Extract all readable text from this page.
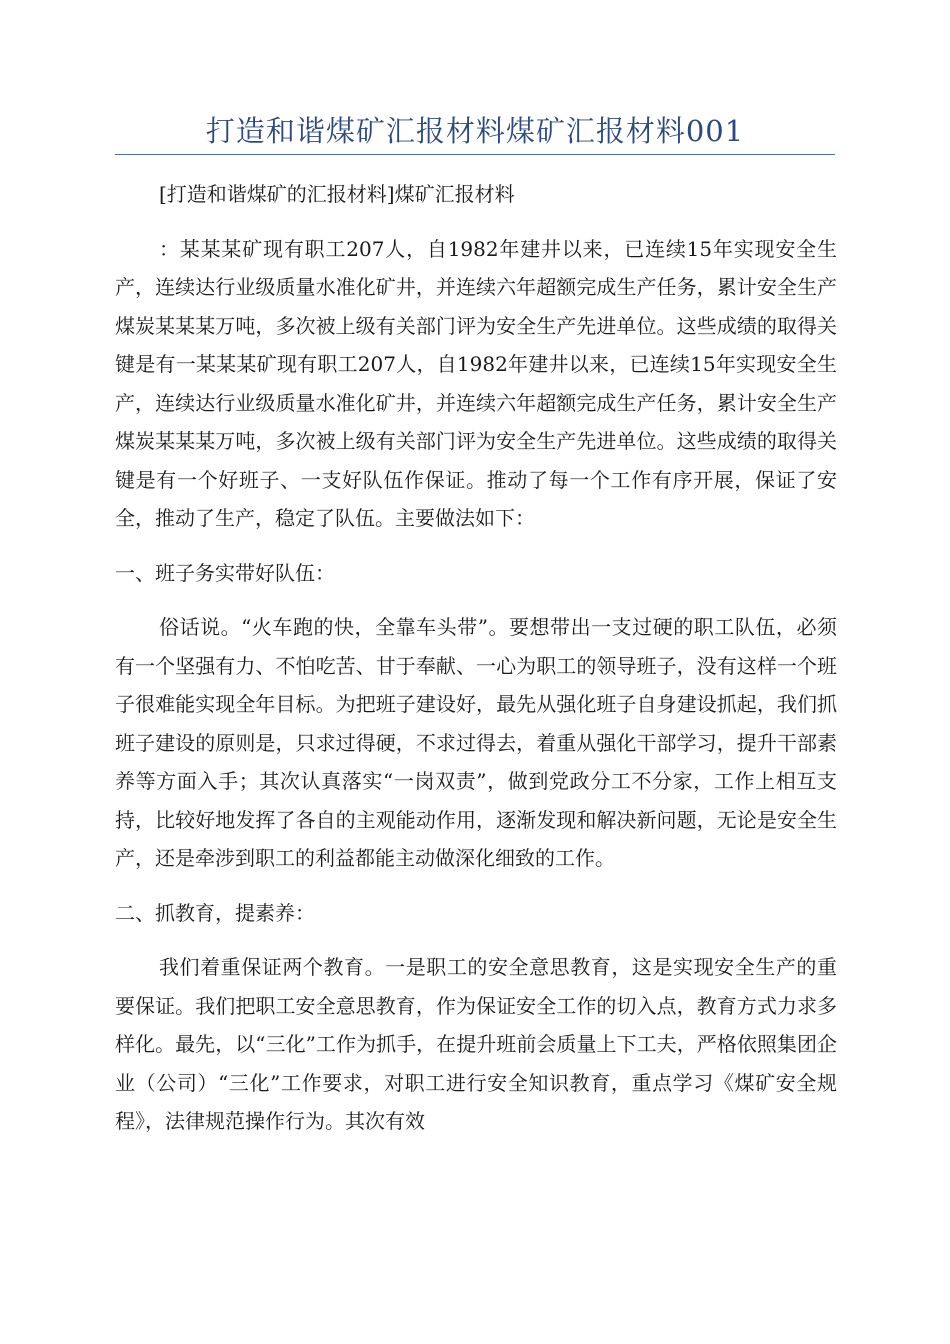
打造和谐煤矿汇报材料煤矿汇报材料001

[打造和谐煤矿的汇报材料]煤矿汇报材料

：某某某矿现有职工207人，自1982年建井以来，已连续15年实现安全生产，连续达行业级质量水准化矿井，并连续六年超额完成生产任务，累计安全生产煤炭某某某万吨，多次被上级有关部门评为安全生产先进单位。这些成绩的取得关键是有一某某某矿现有职工207人，自1982年建井以来，已连续15年实现安全生产，连续达行业级质量水准化矿井，并连续六年超额完成生产任务，累计安全生产煤炭某某某万吨，多次被上级有关部门评为安全生产先进单位。这些成绩的取得关键是有一个好班子、一支好队伍作保证。推动了每一个工作有序开展，保证了安全，推动了生产，稳定了队伍。主要做法如下：

一、班子务实带好队伍：

俗话说。“火车跑的快，全靠车头带”。要想带出一支过硬的职工队伍，必须有一个坚强有力、不怕吃苦、甘于奉献、一心为职工的领导班子，没有这样一个班子很难能实现全年目标。为把班子建设好，最先从强化班子自身建设抓起，我们抓班子建设的原则是，只求过得硬，不求过得去，着重从强化干部学习，提升干部素养等方面入手；其次认真落实“一岗双责”，做到党政分工不分家，工作上相互支持，比较好地发挥了各自的主观能动作用，逐渐发现和解决新问题，无论是安全生产，还是牵涉到职工的利益都能主动做深化细致的工作。

二、抓教育，提素养：

我们着重保证两个教育。一是职工的安全意思教育，这是实现安全生产的重要保证。我们把职工安全意思教育，作为保证安全工作的切入点，教育方式力求多样化。最先，以“三化”工作为抓手，在提升班前会质量上下工夫，严格依照集团企业（公司）“三化”工作要求，对职工进行安全知识教育，重点学习《煤矿安全规程》，法律规范操作行为。其次有效
